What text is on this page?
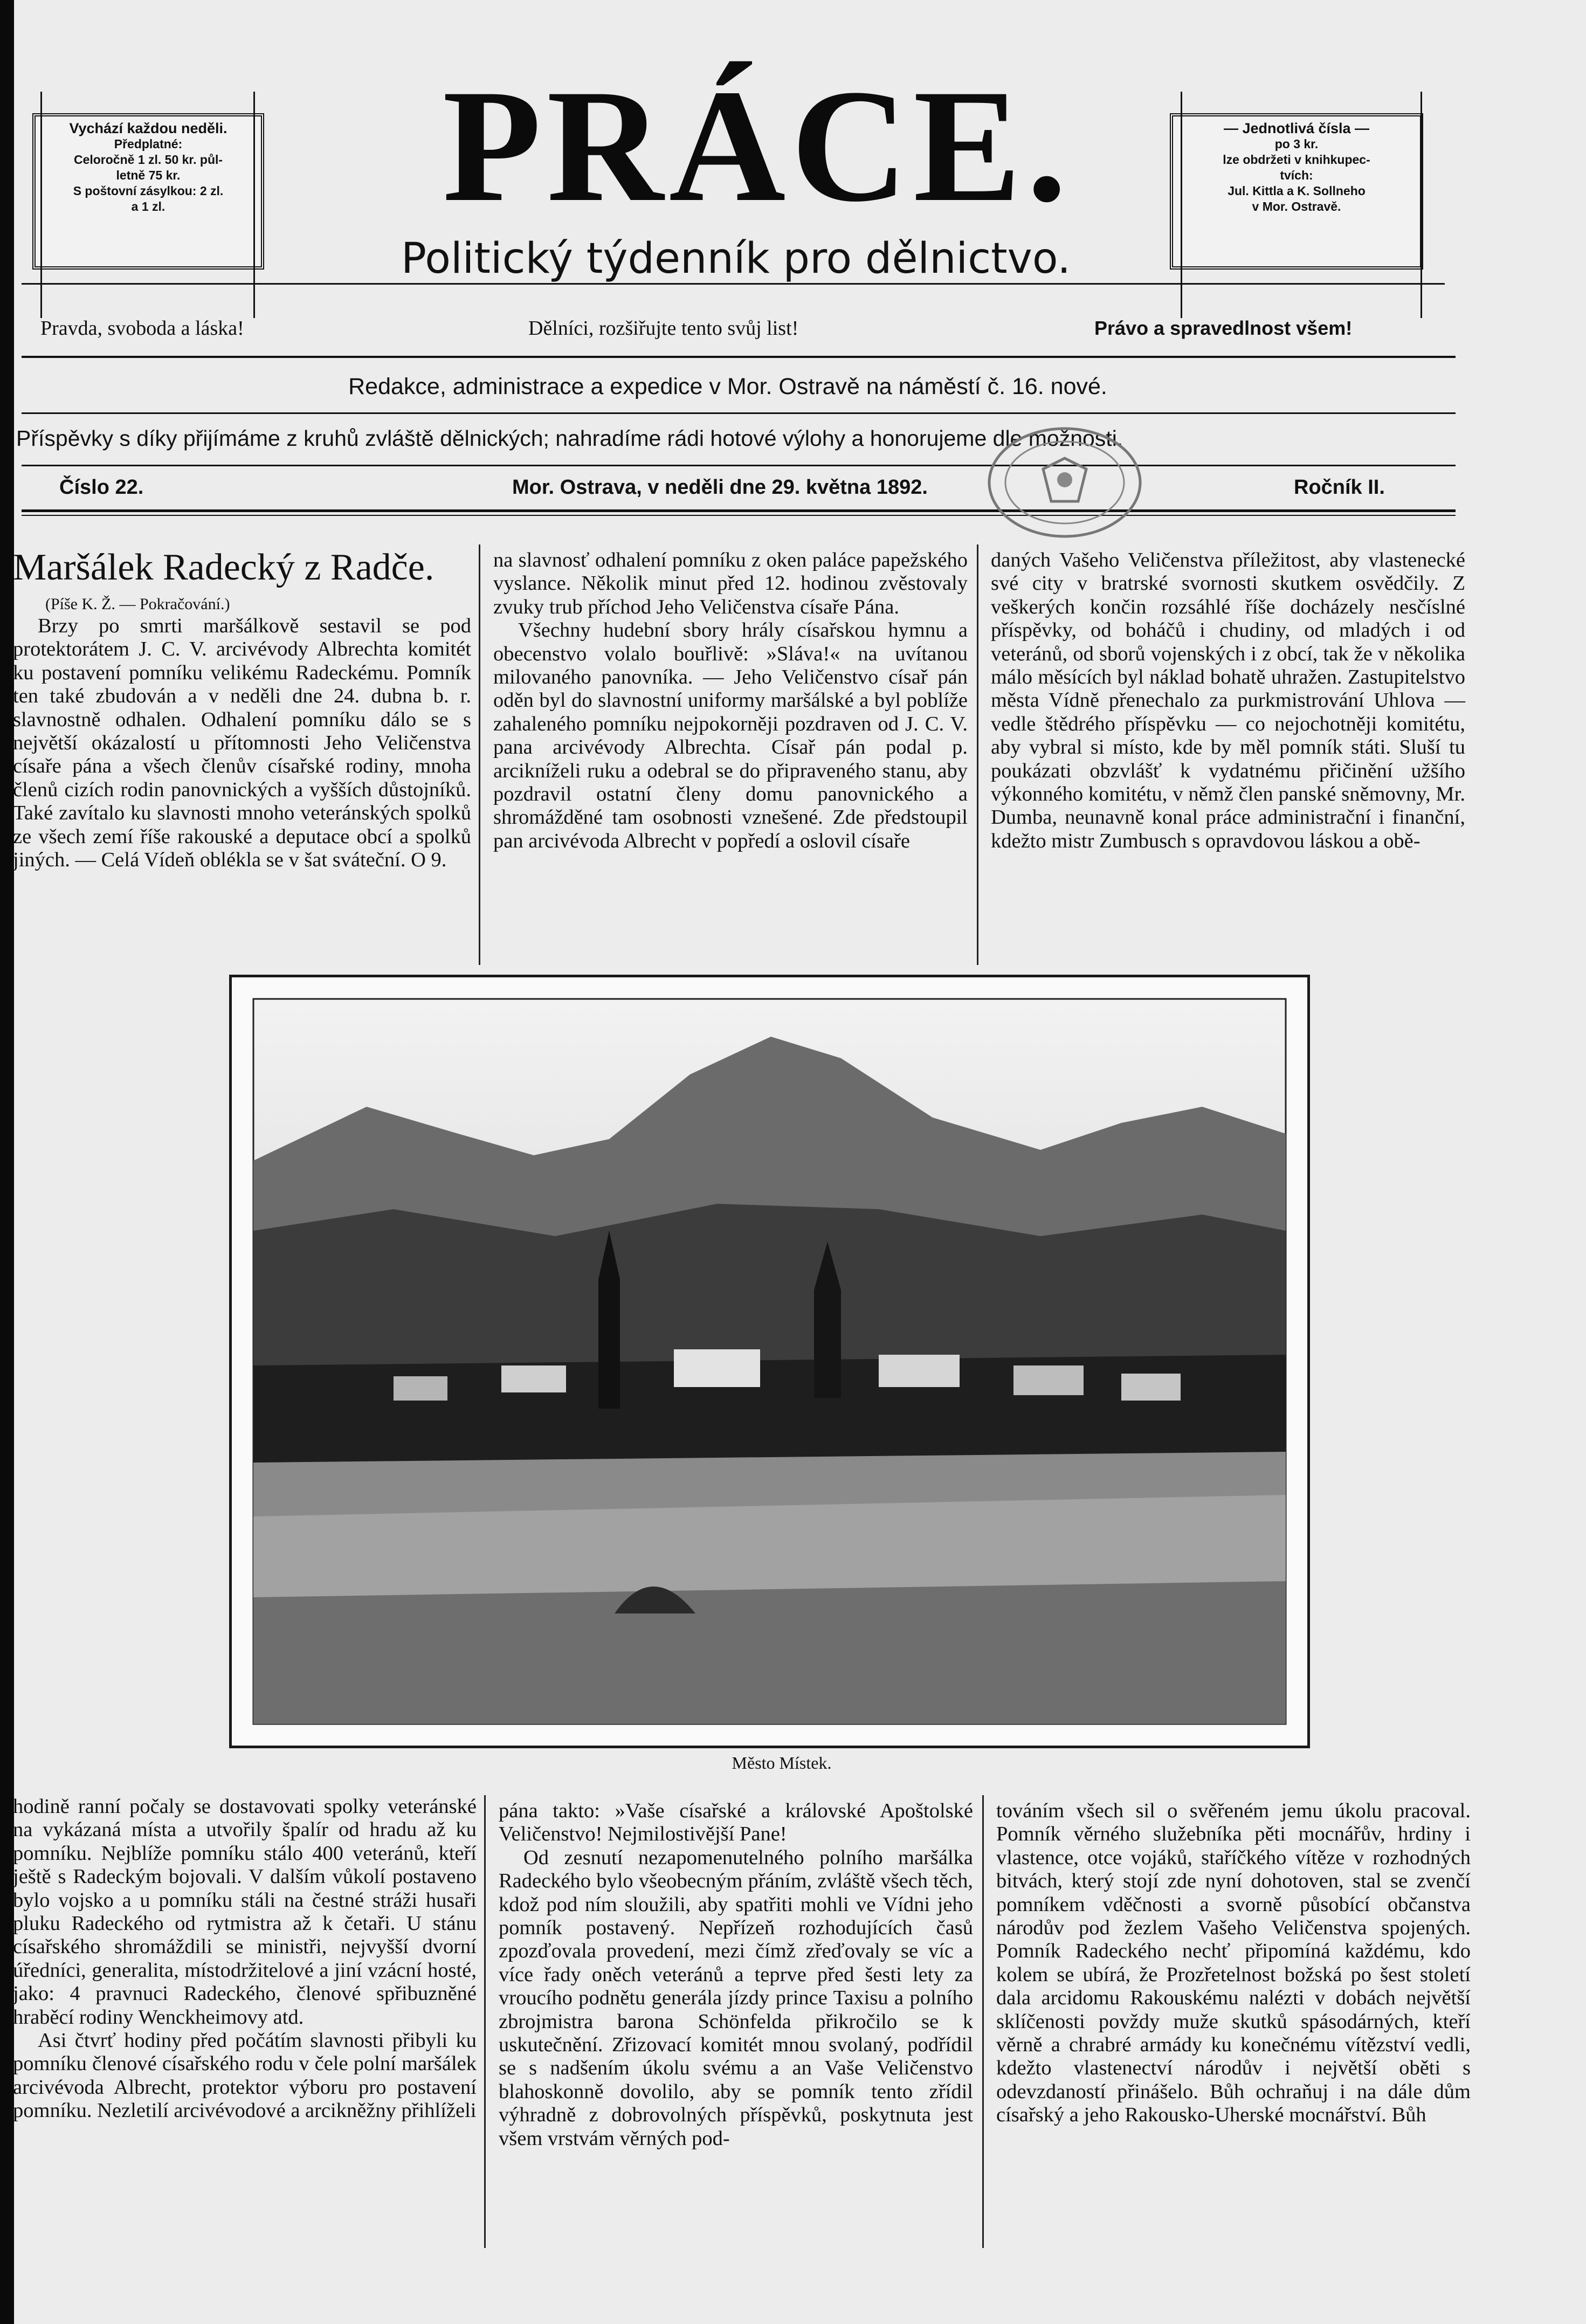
Vychází každou neděli.
Předplatné:
Celoročně 1 zl. 50 kr. půl-
letně 75 kr.
S poštovní zásylkou: 2 zl.
a 1 zl.
— Jednotlivá čísla —
po 3 kr.
lze obdržeti v knihkupec-
tvích:
Jul. Kittla a K. Sollneho
v Mor. Ostravě.
PRÁCE.
Politický týdenník pro dělnictvo.
Pravda, svoboda a láska!	Dělníci, rozšiřujte tento svůj list!	Právo a spravedlnost všem!
Redakce, administrace a expedice v Mor. Ostravě na náměstí č. 16. nové.
Příspěvky s díky přijímáme z kruhů zvláště dělnických; nahradíme rádi hotové výlohy a honorujeme dle možnosti.
Číslo 22.	Mor. Ostrava, v neděli dne 29. května 1892.	Ročník II.
Maršálek Radecký z Radče.

(Píše K. Ž. — Pokračování.)

Brzy po smrti maršálkově sestavil se pod protektorátem J. C. V. arcivévody Albrechta komitét ku postavení pomníku velikému Radeckému. Pomník ten také zbudován a v neděli dne 24. dubna b. r. slavnostně odhalen. Odhalení pomníku dálo se s největší okázalostí u přítomnosti Jeho Veličenstva císaře pána a všech členův císařské rodiny, mnoha členů cizích rodin panovnických a vyšších důstojníků. Také zavítalo ku slavnosti mnoho veteránských spolků ze všech zemí říše rakouské a deputace obcí a spolků jiných. — Celá Vídeň oblékla se v šat sváteční. O 9.

na slavnosť odhalení pomníku z oken paláce papežského vyslance. Několik minut před 12. hodinou zvěstovaly zvuky trub příchod Jeho Veličenstva císaře Pána.

Všechny hudební sbory hrály císařskou hymnu a obecenstvo volalo bouřlivě: »Sláva!« na uvítanou milovaného panovníka. — Jeho Veličenstvo císař pán oděn byl do slavnostní uniformy maršálské a byl poblíže zahaleného pomníku nejpokorněji pozdraven od J. C. V. pana arcivévody Albrechta. Císař pán podal p. arcikníželi ruku a odebral se do připraveného stanu, aby pozdravil ostatní členy domu panovnického a shromážděné tam osobnosti vznešené. Zde předstoupil pan arcivévoda Albrecht v popředí a oslovil císaře

daných Vašeho Veličenstva příležitost, aby vlastenecké své city v bratrské svornosti skutkem osvědčily. Z veškerých končin rozsáhlé říše docházely nesčíslné příspěvky, od boháčů i chudiny, od mladých i od veteránů, od sborů vojenských i z obcí, tak že v několika málo měsících byl náklad bohatě uhražen. Zastupitelstvo města Vídně přenechalo za purkmistrování Uhlova — vedle štědrého příspěvku — co nejochotněji komitétu, aby vybral si místo, kde by měl pomník státi. Sluší tu poukázati obzvlášť k vydatnému přičinění užšího výkonného komitétu, v němž člen panské sněmovny, Mr. Dumba, neunavně konal práce administrační i finanční, kdežto mistr Zumbusch s opravdovou láskou a obě-

Město Místek.

hodině ranní počaly se dostavovati spolky veteránské na vykázaná místa a utvořily špalír od hradu až ku pomníku. Nejblíže pomníku stálo 400 veteránů, kteří ještě s Radeckým bojovali. V dalším vůkolí postaveno bylo vojsko a u pomníku stáli na čestné stráži husaři pluku Radeckého od rytmistra až k četaři. U stánu císařského shromáždili se ministři, nejvyšší dvorní úředníci, generalita, místodržitelové a jiní vzácní hosté, jako: 4 pravnuci Radeckého, členové spřibuzněné hraběcí rodiny Wenckheimovy atd.

Asi čtvrť hodiny před počátím slavnosti přibyli ku pomníku členové císařského rodu v čele polní maršálek arcivévoda Albrecht, protektor výboru pro postavení pomníku. Nezletilí arcivévodové a arcikněžny přihlíželi

pána takto: »Vaše císařské a královské Apoštolské Veličenstvo! Nejmilostivější Pane!

Od zesnutí nezapomenutelného polního maršálka Radeckého bylo všeobecným přáním, zvláště všech těch, kdož pod ním sloužili, aby spatřiti mohli ve Vídni jeho pomník postavený. Nepřízeň rozhodujících časů zpozďovala provedení, mezi čímž zřeďovaly se víc a více řady oněch veteránů a teprve před šesti lety za vroucího podnětu generála jízdy prince Taxisu a polního zbrojmistra barona Schönfelda přikročilo se k uskutečnění. Zřizovací komitét mnou svolaný, podřídil se s nadšením úkolu svému a an Vaše Veličenstvo blahoskonně dovolilo, aby se pomník tento zřídil výhradně z dobrovolných příspěvků, poskytnuta jest všem vrstvám věrných pod-

továním všech sil o svěřeném jemu úkolu pracoval. Pomník věrného služebníka pěti mocnářův, hrdiny i vlastence, otce vojáků, staříčkého vítěze v rozhodných bitvách, který stojí zde nyní dohotoven, stal se zvenčí pomníkem vděčnosti a svorně působící občanstva národův pod žezlem Vašeho Veličenstva spojených. Pomník Radeckého nechť připomíná každému, kdo kolem se ubírá, že Prozřetelnost božská po šest století dala arcidomu Rakouskému nalézti v dobách největší sklíčenosti povždy muže skutků spásodárných, kteří věrně a chrabré armády ku konečnému vítězství vedli, kdežto vlastenectví národův i největší oběti s odevzdaností přinášelo. Bůh ochraňuj i na dále dům císařský a jeho Rakousko-Uherské mocnářství. Bůh
